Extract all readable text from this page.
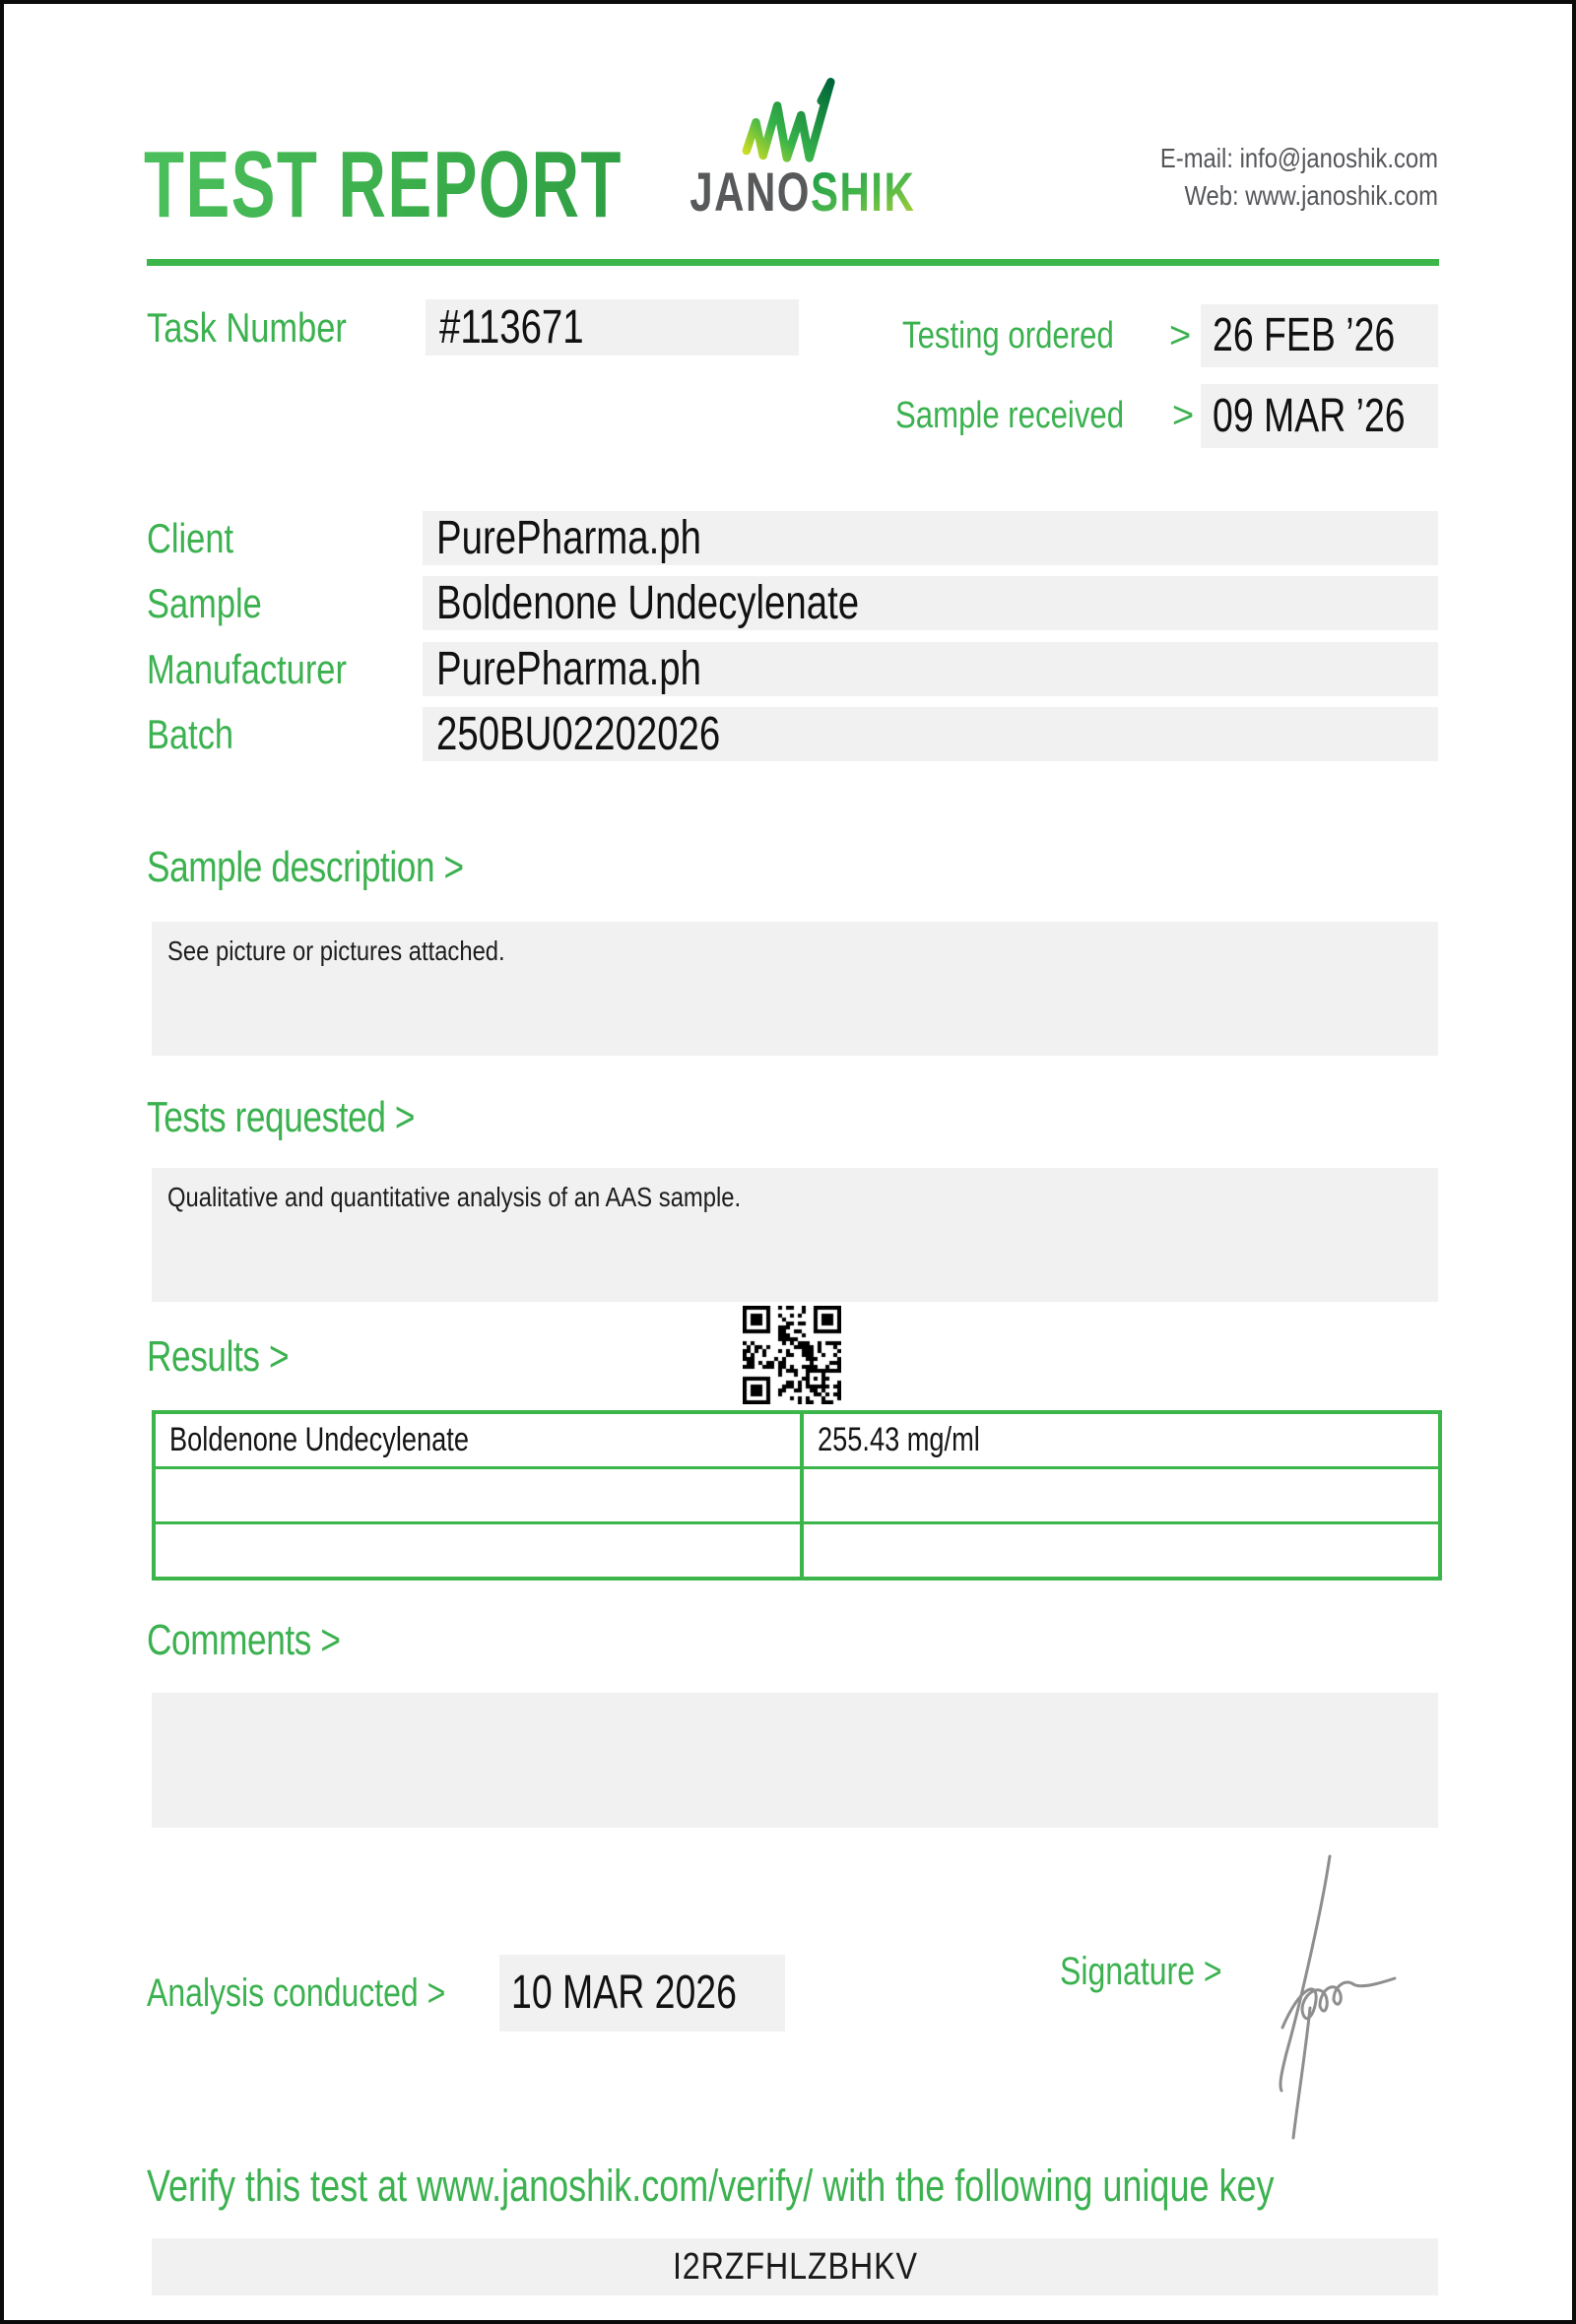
TEST REPORT JANOSHIK
E-mail: info@janoshik.com
Web: www.janoshik.com
Task Number	#113671	Testing ordered	> 26 FEB ’26
Sample received	> 09 MAR ’26
Client	PurePharma.ph
Sample	Boldenone Undecylenate
Manufacturer	PurePharma.ph
Batch	250BU02202026
Sample description >
See picture or pictures attached.
Tests requested >
Qualitative and quantitative analysis of an AAS sample.
Results >
Boldenone Undecylenate	255.43 mg/ml
Comments >
Analysis conducted >	10 MAR 2026	Signature >
Verify this test at www.janoshik.com/verify/ with the following unique key
I2RZFHLZBHKV
